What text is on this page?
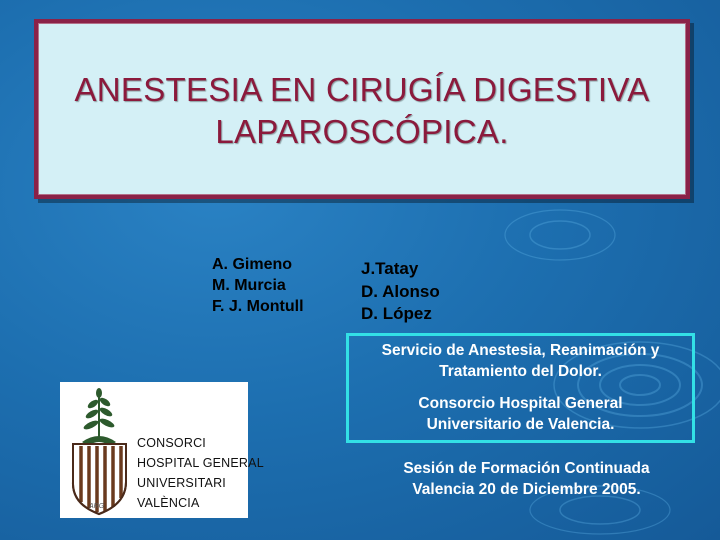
ANESTESIA EN CIRUGÍA DIGESTIVA
LAPAROSCÓPICA.
A. Gimeno
M. Murcia
F. J. Montull
J.Tatay
D. Alonso
D. López
Servicio de Anestesia, Reanimación y
Tratamiento del Dolor.
Consorcio Hospital General
Universitario de Valencia.
Sesión de Formación Continuada
Valencia 20 de Diciembre 2005.
CONSORCI
HOSPITAL GENERAL
UNIVERSITARI
VALÈNCIA
ARG
